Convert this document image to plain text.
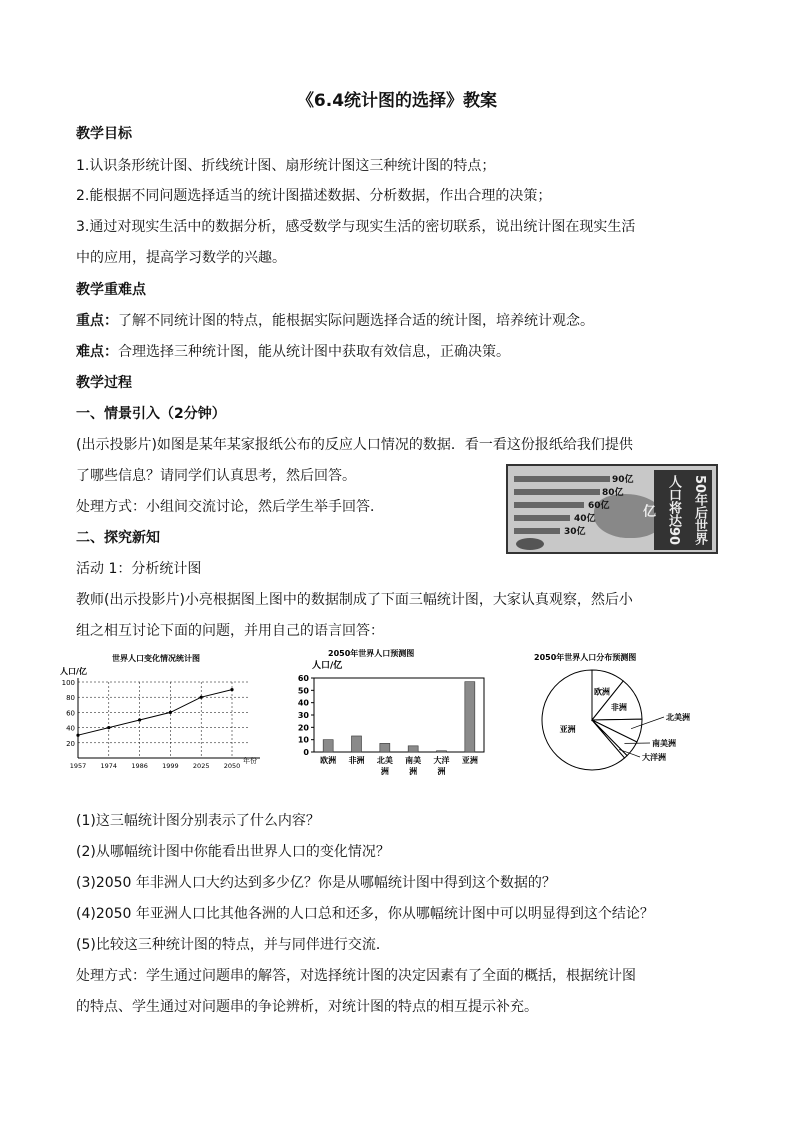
《6.4统计图的选择》教案
教学目标
1.认识条形统计图、折线统计图、扇形统计图这三种统计图的特点；
2.能根据不同问题选择适当的统计图描述数据、分析数据，作出合理的决策；
3.通过对现实生活中的数据分析，感受数学与现实生活的密切联系，说出统计图在现实生活
中的应用，提高学习数学的兴趣。
教学重难点
重点：了解不同统计图的特点，能根据实际问题选择合适的统计图，培养统计观念。
难点：合理选择三种统计图，能从统计图中获取有效信息，正确决策。
教学过程
一、情景引入（2分钟）
(出示投影片)如图是某年某家报纸公布的反应人口情况的数据．看一看这份报纸给我们提供
了哪些信息？请同学们认真思考，然后回答。
处理方式：小组间交流讨论，然后学生举手回答．
90亿
80亿
60亿
40亿
30亿	50年后世界人口将达90亿
二、探究新知
活动 1：分析统计图
教师(出示投影片)小亮根据图上图中的数据制成了下面三幅统计图，大家认真观察，然后小
组之相互讨论下面的问题，并用自己的语言回答：
世界人口变化情况统计图
人口/亿
年份
20
40
60
80
100
1957 1974 1986 1999 2025 2050
2050年世界人口预测图
人口/亿
0
10
20
30
40
50
60
欧洲 非洲 北美
洲
南美
洲
大洋
洲
亚洲
2050年世界人口分布预测图
亚洲
欧洲
非洲
北美洲
南美洲
大洋洲
(1)这三幅统计图分别表示了什么内容？
(2)从哪幅统计图中你能看出世界人口的变化情况？
(3)2050 年非洲人口大约达到多少亿？你是从哪幅统计图中得到这个数据的？
(4)2050 年亚洲人口比其他各洲的人口总和还多，你从哪幅统计图中可以明显得到这个结论？
(5)比较这三种统计图的特点，并与同伴进行交流．
处理方式：学生通过问题串的解答，对选择统计图的决定因素有了全面的概括，根据统计图
的特点、学生通过对问题串的争论辨析，对统计图的特点的相互提示补充。
